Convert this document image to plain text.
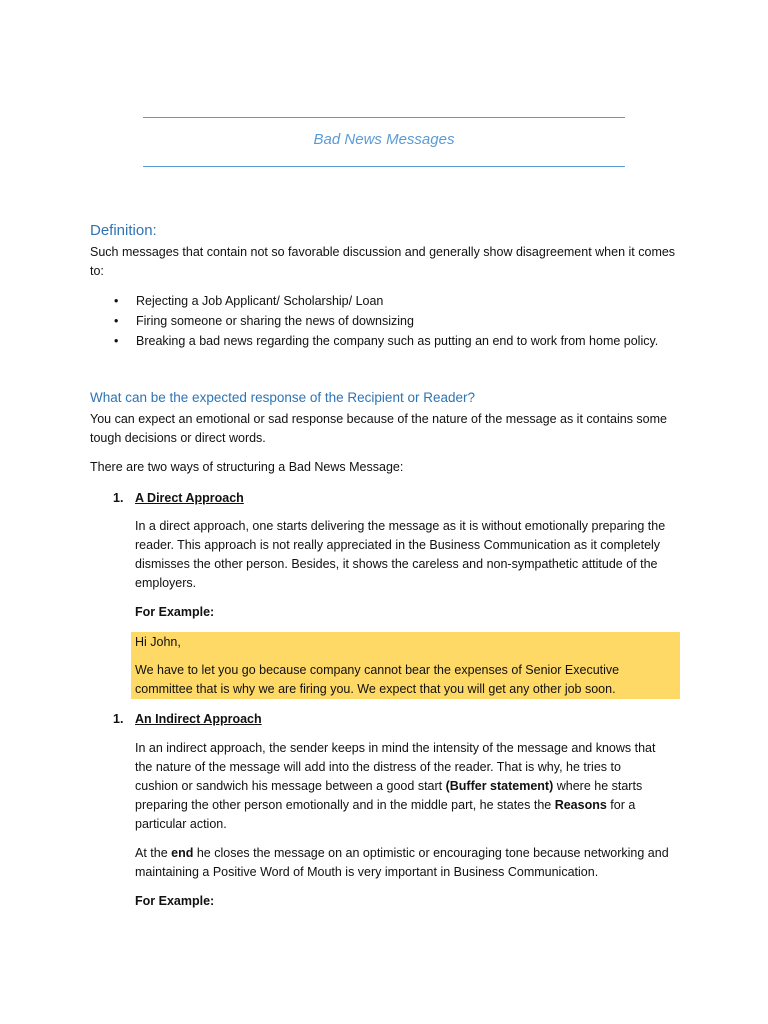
Bad News Messages
Definition:
Such messages that contain not so favorable discussion and generally show disagreement when it comes
to:
• Rejecting a Job Applicant/ Scholarship/ Loan
• Firing someone or sharing the news of downsizing
• Breaking a bad news regarding the company such as putting an end to work from home policy.
What can be the expected response of the Recipient or Reader?
You can expect an emotional or sad response because of the nature of the message as it contains some
tough decisions or direct words.
There are two ways of structuring a Bad News Message:
1. A Direct Approach
In a direct approach, one starts delivering the message as it is without emotionally preparing the
reader. This approach is not really appreciated in the Business Communication as it completely
dismisses the other person. Besides, it shows the careless and non-sympathetic attitude of the
employers.
For Example:
Hi John,
We have to let you go because company cannot bear the expenses of Senior Executive
committee that is why we are firing you. We expect that you will get any other job soon.
1. An Indirect Approach
In an indirect approach, the sender keeps in mind the intensity of the message and knows that
the nature of the message will add into the distress of the reader. That is why, he tries to
cushion or sandwich his message between a good start (Buffer statement) where he starts
preparing the other person emotionally and in the middle part, he states the Reasons for a
particular action.
At the end he closes the message on an optimistic or encouraging tone because networking and
maintaining a Positive Word of Mouth is very important in Business Communication.
For Example:
